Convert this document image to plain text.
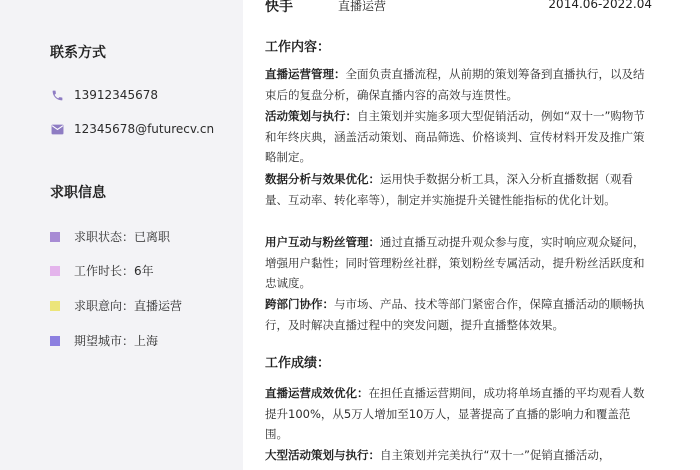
联系方式
13912345678
12345678@futurecv.cn
求职信息
求职状态：已离职
工作时长：6年
求职意向：直播运营
期望城市：上海
快手	直播运营	2014.06-2022.04
工作内容：
直播运营管理：全面负责直播流程，从前期的策划筹备到直播执行，以及结束后的复盘分析，确保直播内容的高效与连贯性。
活动策划与执行：自主策划并实施多项大型促销活动，例如“双十一”购物节和年终庆典，涵盖活动策划、商品筛选、价格谈判、宣传材料开发及推广策略制定。
数据分析与效果优化：运用快手数据分析工具，深入分析直播数据（观看量、互动率、转化率等），制定并实施提升关键性能指标的优化计划。
用户互动与粉丝管理：通过直播互动提升观众参与度，实时响应观众疑问，增强用户黏性；同时管理粉丝社群，策划粉丝专属活动，提升粉丝活跃度和忠诚度。
跨部门协作：与市场、产品、技术等部门紧密合作，保障直播活动的顺畅执行，及时解决直播过程中的突发问题，提升直播整体效果。
工作成绩：
直播运营成效优化：在担任直播运营期间，成功将单场直播的平均观看人数提升100%，从5万人增加至10万人，显著提高了直播的影响力和覆盖范围。
大型活动策划与执行：自主策划并完美执行“双十一”促销直播活动，
